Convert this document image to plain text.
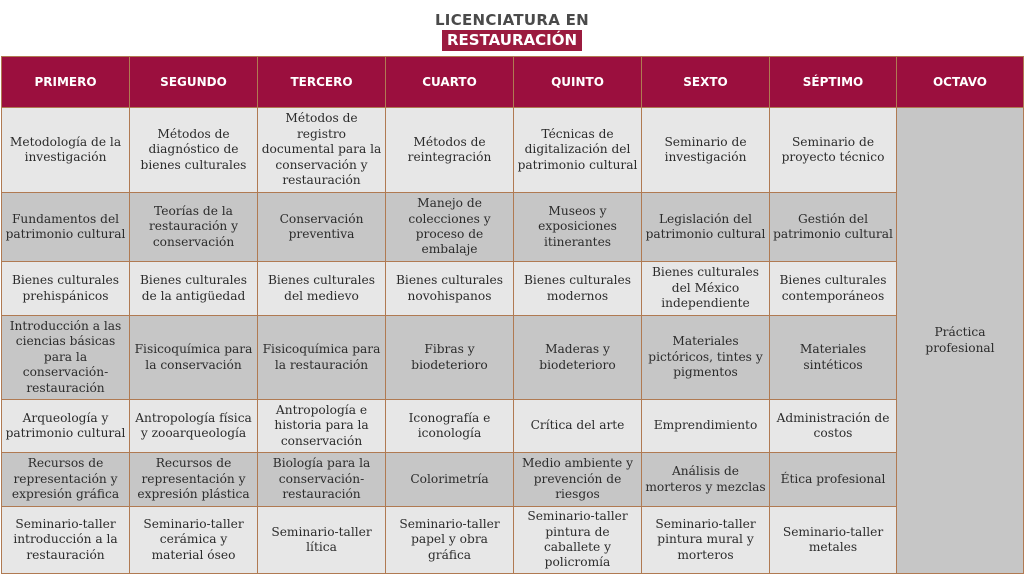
LICENCIATURA EN
RESTAURACIÓN
PRIMERO	SEGUNDO	TERCERO	CUARTO	QUINTO	SEXTO	SÉPTIMO	OCTAVO
Metodología de la investigación	Métodos de diagnóstico de bienes culturales	Métodos de registro documental para la conservación y restauración	Métodos de reintegración	Técnicas de digitalización del patrimonio cultural	Seminario de investigación	Seminario de proyecto técnico	Práctica profesional
Fundamentos del patrimonio cultural	Teorías de la restauración y conservación	Conservación preventiva	Manejo de colecciones y proceso de embalaje	Museos y exposiciones itinerantes	Legislación del patrimonio cultural	Gestión del patrimonio cultural	
Bienes culturales prehispánicos	Bienes culturales de la antigüedad	Bienes culturales del medievo	Bienes culturales novohispanos	Bienes culturales modernos	Bienes culturales del México independiente	Bienes culturales contemporáneos	
Introducción a las ciencias básicas para la conservación-restauración	Fisicoquímica para la conservación	Fisicoquímica para la restauración	Fibras y biodeterioro	Maderas y biodeterioro	Materiales pictóricos, tintes y pigmentos	Materiales sintéticos	
Arqueología y patrimonio cultural	Antropología física y zooarqueología	Antropología e historia para la conservación	Iconografía e iconología	Crítica del arte	Emprendimiento	Administración de costos	
Recursos de representación y expresión gráfica	Recursos de representación y expresión plástica	Biología para la conservación-restauración	Colorimetría	Medio ambiente y prevención de riesgos	Análisis de morteros y mezclas	Ética profesional	
Seminario-taller introducción a la restauración	Seminario-taller cerámica y material óseo	Seminario-taller lítica	Seminario-taller papel y obra gráfica	Seminario-taller pintura de caballete y policromía	Seminario-taller pintura mural y morteros	Seminario-taller metales	
